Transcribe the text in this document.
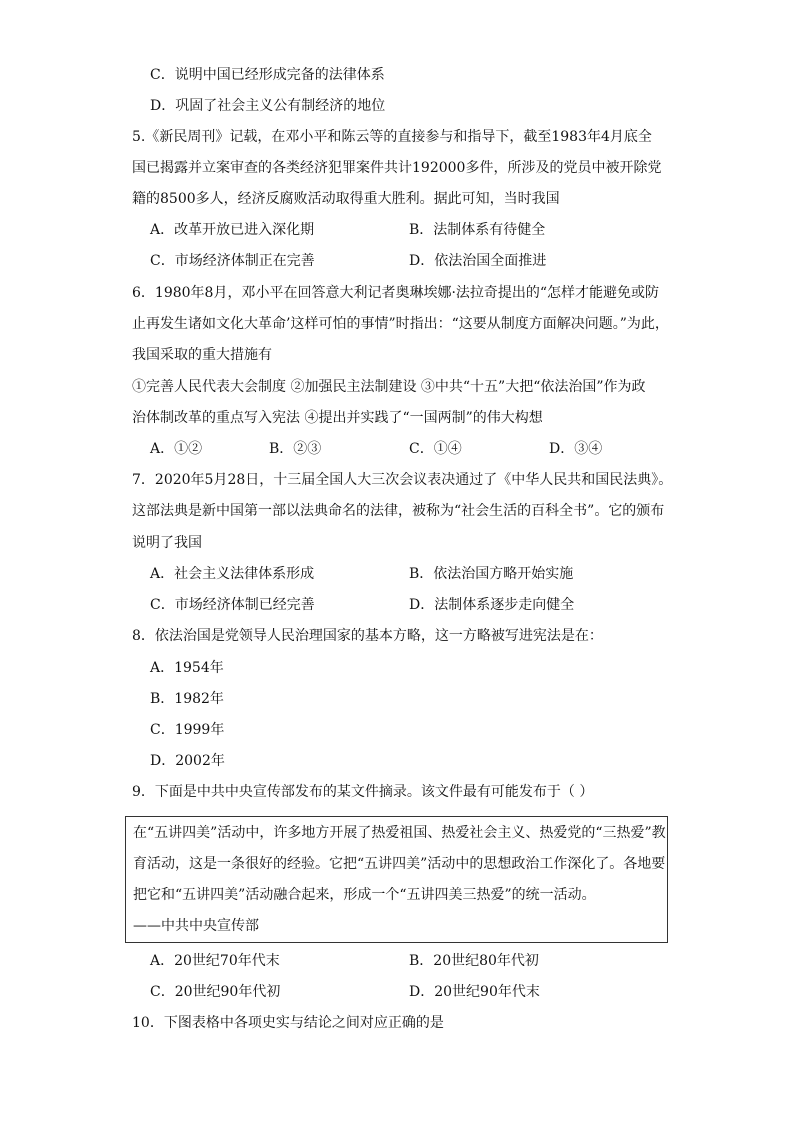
C．说明中国已经形成完备的法律体系
D．巩固了社会主义公有制经济的地位
5.《新民周刊》记载，在邓小平和陈云等的直接参与和指导下，截至1983年4月底全
国已揭露并立案审查的各类经济犯罪案件共计192000多件，所涉及的党员中被开除党
籍的8500多人，经济反腐败活动取得重大胜利。据此可知，当时我国
A．改革开放已进入深化期	B．法制体系有待健全
C．市场经济体制正在完善	D．依法治国全面推进
6．1980年8月，邓小平在回答意大利记者奥琳埃娜·法拉奇提出的“怎样才能避免或防
止再发生诸如文化大革命’这样可怕的事情”时指出：“这要从制度方面解决问题。”为此，
我国采取的重大措施有
①完善人民代表大会制度 ②加强民主法制建设 ③中共“十五”大把“依法治国”作为政
治体制改革的重点写入宪法 ④提出并实践了“一国两制”的伟大构想
A．①②	B．②③	C．①④	D．③④
7．2020年5月28日，十三届全国人大三次会议表决通过了《中华人民共和国民法典》。
这部法典是新中国第一部以法典命名的法律，被称为“社会生活的百科全书”。它的颁布
说明了我国
A．社会主义法律体系形成	B．依法治国方略开始实施
C．市场经济体制已经完善	D．法制体系逐步走向健全
8．依法治国是党领导人民治理国家的基本方略，这一方略被写进宪法是在：
A．1954年
B．1982年
C．1999年
D．2002年
9．下面是中共中央宣传部发布的某文件摘录。该文件最有可能发布于（ ）
在“五讲四美”活动中，许多地方开展了热爱祖国、热爱社会主义、热爱党的“三热爱”教
育活动，这是一条很好的经验。它把“五讲四美”活动中的思想政治工作深化了。各地要
把它和“五讲四美”活动融合起来，形成一个“五讲四美三热爱”的统一活动。
——中共中央宣传部
A．20世纪70年代末	B．20世纪80年代初
C．20世纪90年代初	D．20世纪90年代末
10．下图表格中各项史实与结论之间对应正确的是
